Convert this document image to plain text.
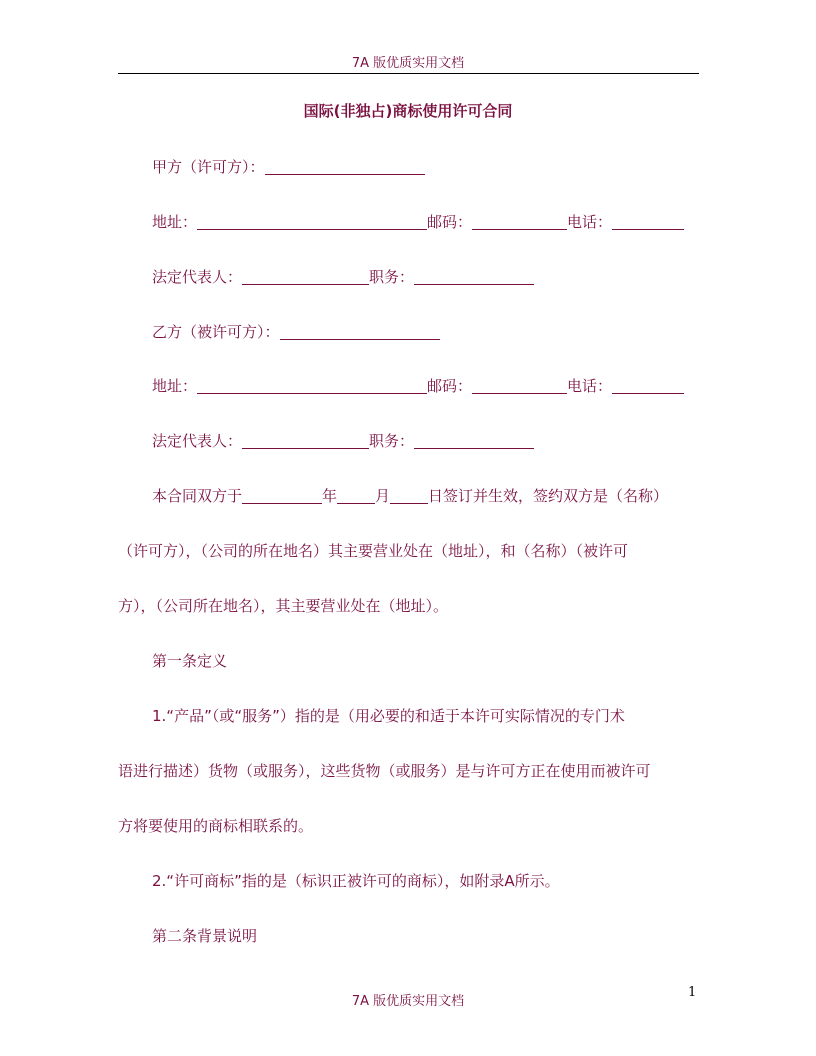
7A 版优质实用文档
国际(非独占)商标使用许可合同
甲方（许可方）：
地址：	邮码：	电话：
法定代表人：	职务：
乙方（被许可方）：
地址：	邮码：	电话：
法定代表人：	职务：
本合同双方于	年	月	日签订并生效，签约双方是（名称）
（许可方），（公司的所在地名）其主要营业处在（地址），和（名称）（被许可
方），（公司所在地名），其主要营业处在（地址）。
第一条定义
1.“产品”（或“服务”）指的是（用必要的和适于本许可实际情况的专门术
语进行描述）货物（或服务），这些货物（或服务）是与许可方正在使用而被许可
方将要使用的商标相联系的。
2.“许可商标”指的是（标识正被许可的商标），如附录A所示。
第二条背景说明
7A 版优质实用文档
1
